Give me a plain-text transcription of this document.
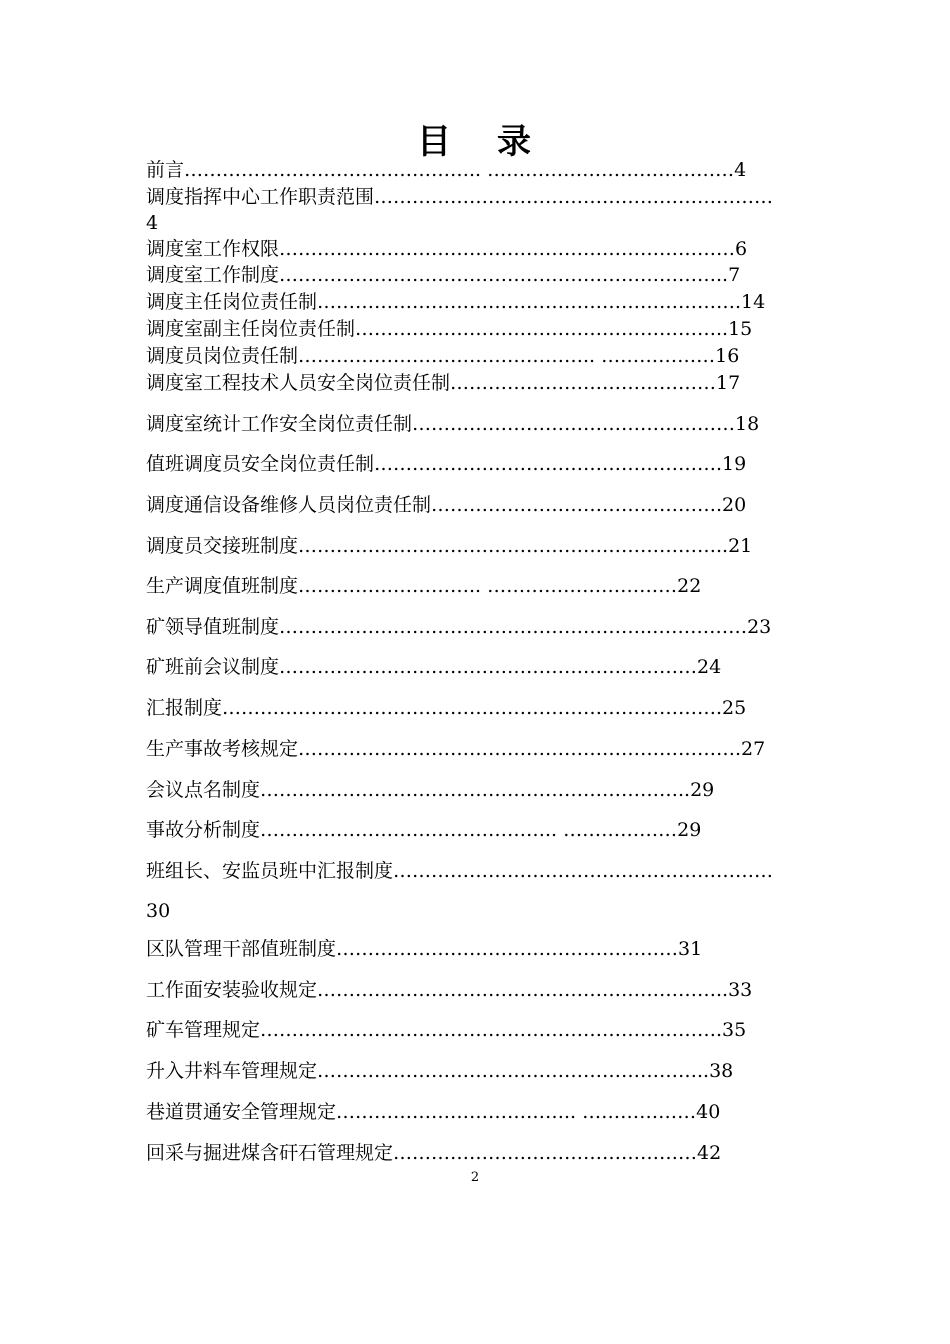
目 录
前言……………………………………….. …………………………………4
调度指挥中心工作职责范围………………………………………………………
4
调度室工作权限………………………………………………………………6
调度室工作制度……………………………………………………………..7
调度主任岗位责任制………………………………………………………….14
调度室副主任岗位责任制…………………………………………………..15
调度员岗位责任制……………………………………….. ………………16
调度室工程技术人员安全岗位责任制……………………………………17
调度室统计工作安全岗位责任制……………………………………………18
值班调度员安全岗位责任制……………………………………………….19
调度通信设备维修人员岗位责任制……………………………………….20
调度员交接班制度…………………………………………………………..21
生产调度值班制度……………………….. …………………………22
矿领导值班制度…………………………………………………..……………23
矿班前会议制度…………………………………………………………24
汇报制度…………………………………………………………………….25
生产事故考核规定…………………………………………………………….27
会议点名制度…………………………………………………………..29
事故分析制度……………………………………….. ………………29
班组长、安监员班中汇报制度……………………………………………………
30
区队管理干部值班制度………………………………………………31
工作面安装验收规定………………………………………………………..33
矿车管理规定……………………………………………………………….35
升入井料车管理规定……………………………………………………..38
巷道贯通安全管理规定……………………………….. ………………40
回采与掘进煤含矸石管理规定…………………………………………42
2
